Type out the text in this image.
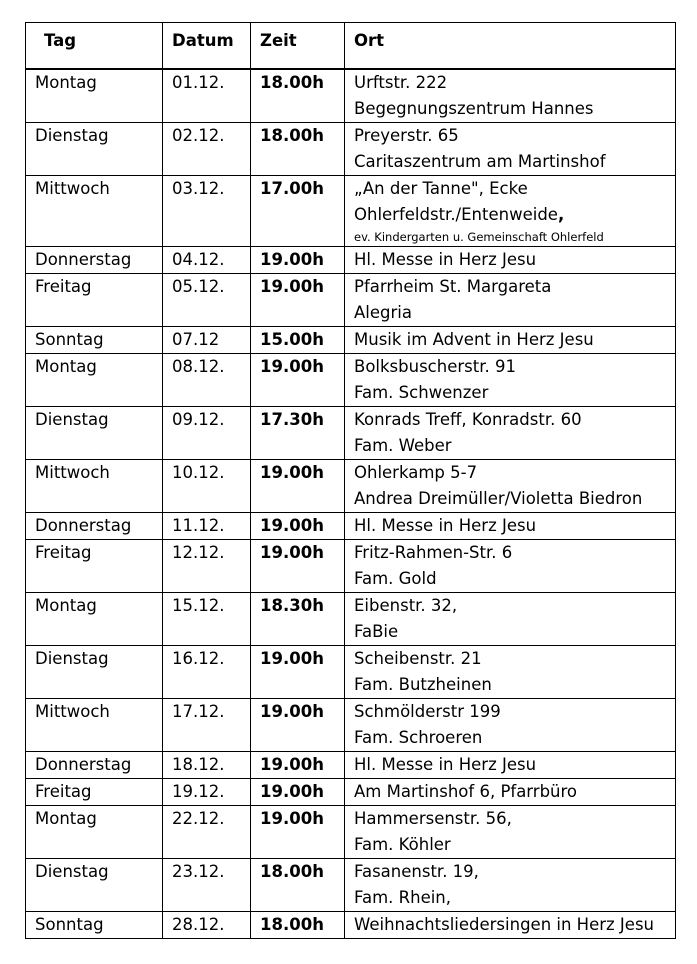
Tag	Datum	Zeit	Ort
Montag	01.12.	18.00h	Urftstr. 222
Begegnungszentrum Hannes

Dienstag	02.12.	18.00h	Preyerstr. 65
Caritaszentrum am Martinshof

Mittwoch	03.12.	17.00h	„An der Tanne", Ecke
Ohlerfeldstr./Entenweide,
ev. Kindergarten u. Gemeinschaft Ohlerfeld

Donnerstag	04.12.	19.00h	Hl. Messe in Herz Jesu

Freitag	05.12.	19.00h	Pfarrheim St. Margareta
Alegria

Sonntag	07.12	15.00h	Musik im Advent in Herz Jesu

Montag	08.12.	19.00h	Bolksbuscherstr. 91
Fam. Schwenzer

Dienstag	09.12.	17.30h	Konrads Treff, Konradstr. 60
Fam. Weber

Mittwoch	10.12.	19.00h	Ohlerkamp 5-7
Andrea Dreimüller/Violetta Biedron

Donnerstag	11.12.	19.00h	Hl. Messe in Herz Jesu

Freitag	12.12.	19.00h	Fritz-Rahmen-Str. 6
Fam. Gold

Montag	15.12.	18.30h	Eibenstr. 32,
FaBie

Dienstag	16.12.	19.00h	Scheibenstr. 21
Fam. Butzheinen

Mittwoch	17.12.	19.00h	Schmölderstr 199
Fam. Schroeren

Donnerstag	18.12.	19.00h	Hl. Messe in Herz Jesu

Freitag	19.12.	19.00h	Am Martinshof 6, Pfarrbüro

Montag	22.12.	19.00h	Hammersenstr. 56,
Fam. Köhler

Dienstag	23.12.	18.00h	Fasanenstr. 19,
Fam. Rhein,

Sonntag	28.12.	18.00h	Weihnachtsliedersingen in Herz Jesu
